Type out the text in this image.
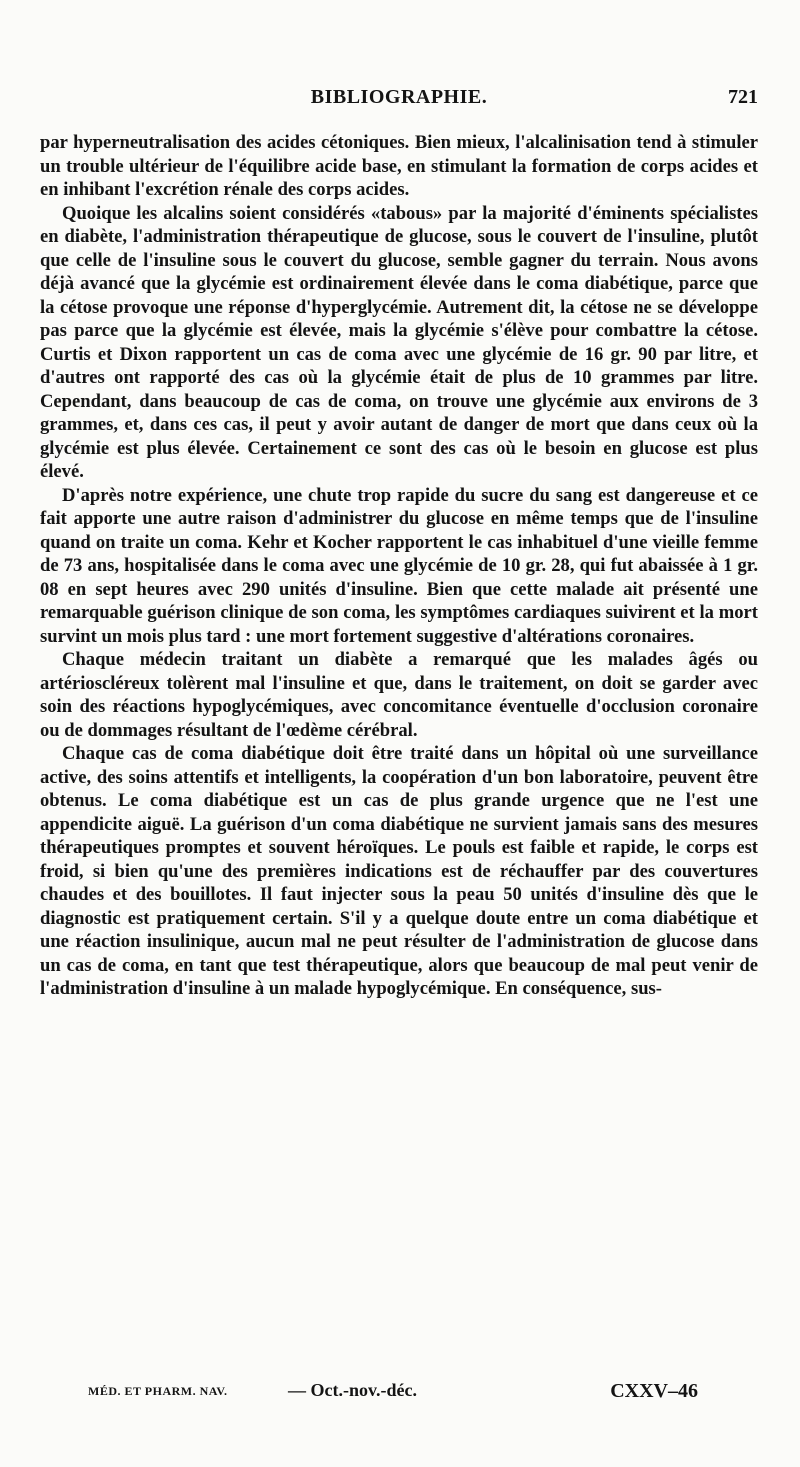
BIBLIOGRAPHIE.	721

par hyperneutralisation des acides cétoniques. Bien mieux, l'alcalinisation tend à stimuler un trouble ultérieur de l'équilibre acide base, en stimulant la formation de corps acides et en inhibant l'excrétion rénale des corps acides.

Quoique les alcalins soient considérés «tabous» par la majorité d'éminents spécialistes en diabète, l'administration thérapeutique de glucose, sous le couvert de l'insuline, plutôt que celle de l'insuline sous le couvert du glucose, semble gagner du terrain. Nous avons déjà avancé que la glycémie est ordinairement élevée dans le coma diabétique, parce que la cétose provoque une réponse d'hyperglycémie. Autrement dit, la cétose ne se développe pas parce que la glycémie est élevée, mais la glycémie s'élève pour combattre la cétose. Curtis et Dixon rapportent un cas de coma avec une glycémie de 16 gr. 90 par litre, et d'autres ont rapporté des cas où la glycémie était de plus de 10 grammes par litre. Cependant, dans beaucoup de cas de coma, on trouve une glycémie aux environs de 3 grammes, et, dans ces cas, il peut y avoir autant de danger de mort que dans ceux où la glycémie est plus élevée. Certainement ce sont des cas où le besoin en glucose est plus élevé.

D'après notre expérience, une chute trop rapide du sucre du sang est dangereuse et ce fait apporte une autre raison d'administrer du glucose en même temps que de l'insuline quand on traite un coma. Kehr et Kocher rapportent le cas inhabituel d'une vieille femme de 73 ans, hospitalisée dans le coma avec une glycémie de 10 gr. 28, qui fut abaissée à 1 gr. 08 en sept heures avec 290 unités d'insuline. Bien que cette malade ait présenté une remarquable guérison clinique de son coma, les symptômes cardiaques suivirent et la mort survint un mois plus tard : une mort fortement suggestive d'altérations coronaires.

Chaque médecin traitant un diabète a remarqué que les malades âgés ou artérioscléreux tolèrent mal l'insuline et que, dans le traitement, on doit se garder avec soin des réactions hypoglycémiques, avec concomitance éventuelle d'occlusion coronaire ou de dommages résultant de l'œdème cérébral.

Chaque cas de coma diabétique doit être traité dans un hôpital où une surveillance active, des soins attentifs et intelligents, la coopération d'un bon laboratoire, peuvent être obtenus. Le coma diabétique est un cas de plus grande urgence que ne l'est une appendicite aiguë. La guérison d'un coma diabétique ne survient jamais sans des mesures thérapeutiques promptes et souvent héroïques. Le pouls est faible et rapide, le corps est froid, si bien qu'une des premières indications est de réchauffer par des couvertures chaudes et des bouillotes. Il faut injecter sous la peau 50 unités d'insuline dès que le diagnostic est pratiquement certain. S'il y a quelque doute entre un coma diabétique et une réaction insulinique, aucun mal ne peut résulter de l'administration de glucose dans un cas de coma, en tant que test thérapeutique, alors que beaucoup de mal peut venir de l'administration d'insuline à un malade hypoglycémique. En conséquence, sus-

MÉD. ET PHARM. NAV.	— Oct.-nov.-déc.	CXXV–46
